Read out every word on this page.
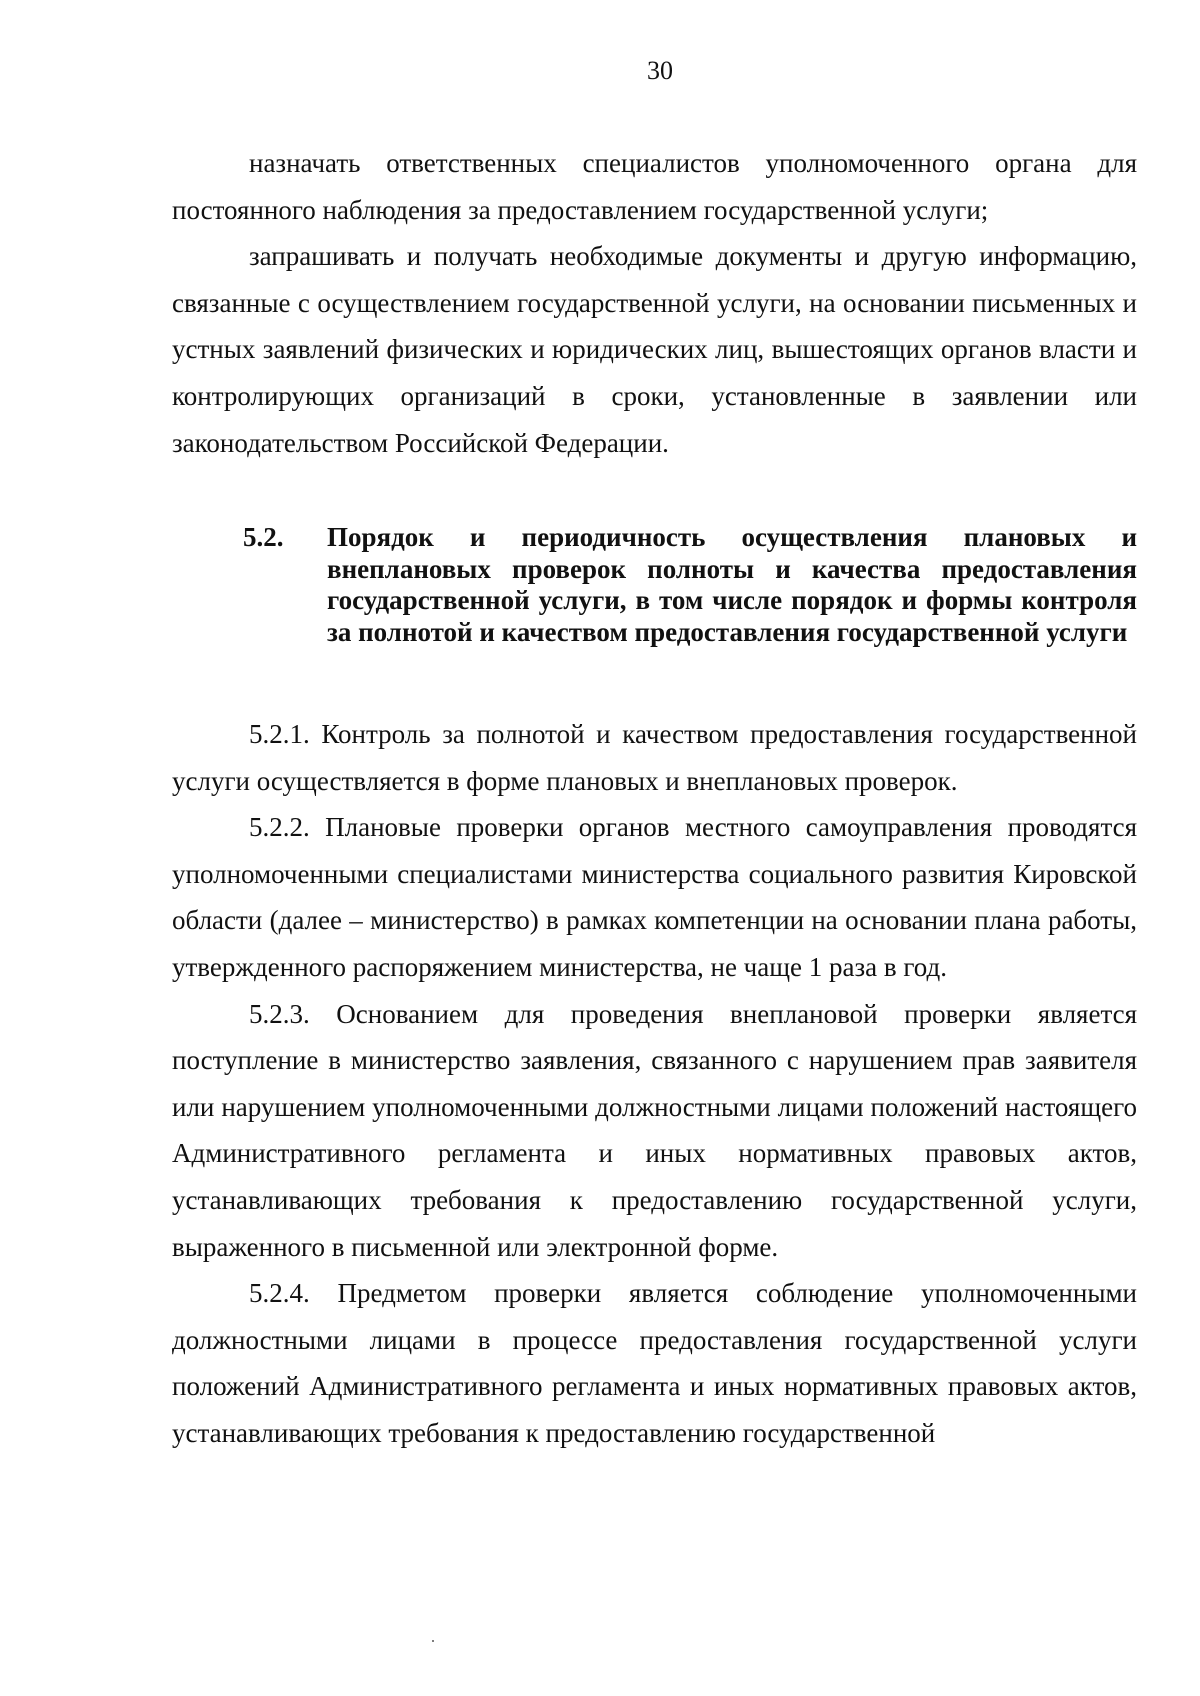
30

назначать ответственных специалистов уполномоченного органа для постоянного наблюдения за предоставлением государственной услуги;

запрашивать и получать необходимые документы и другую информацию, связанные с осуществлением государственной услуги, на основании письменных и устных заявлений физических и юридических лиц, вышестоящих органов власти и контролирующих организаций в сроки, установленные в заявлении или законодательством Российской Федерации.

5.2. Порядок и периодичность осуществления плановых и внеплановых проверок полноты и качества предоставления государственной услуги, в том числе порядок и формы контроля за полнотой и качеством предоставления государственной услуги

5.2.1. Контроль за полнотой и качеством предоставления государственной услуги осуществляется в форме плановых и внеплановых проверок.

5.2.2. Плановые проверки органов местного самоуправления проводятся уполномоченными специалистами министерства социального развития Кировской области (далее – министерство) в рамках компетенции на основании плана работы, утвержденного распоряжением министерства, не чаще 1 раза в год.

5.2.3. Основанием для проведения внеплановой проверки является поступление в министерство заявления, связанного с нарушением прав заявителя или нарушением уполномоченными должностными лицами положений настоящего Административного регламента и иных нормативных правовых актов, устанавливающих требования к предоставлению государственной услуги, выраженного в письменной или электронной форме.

5.2.4. Предметом проверки является соблюдение уполномоченными должностными лицами в процессе предоставления государственной услуги положений Административного регламента и иных нормативных правовых актов, устанавливающих требования к предоставлению государственной
